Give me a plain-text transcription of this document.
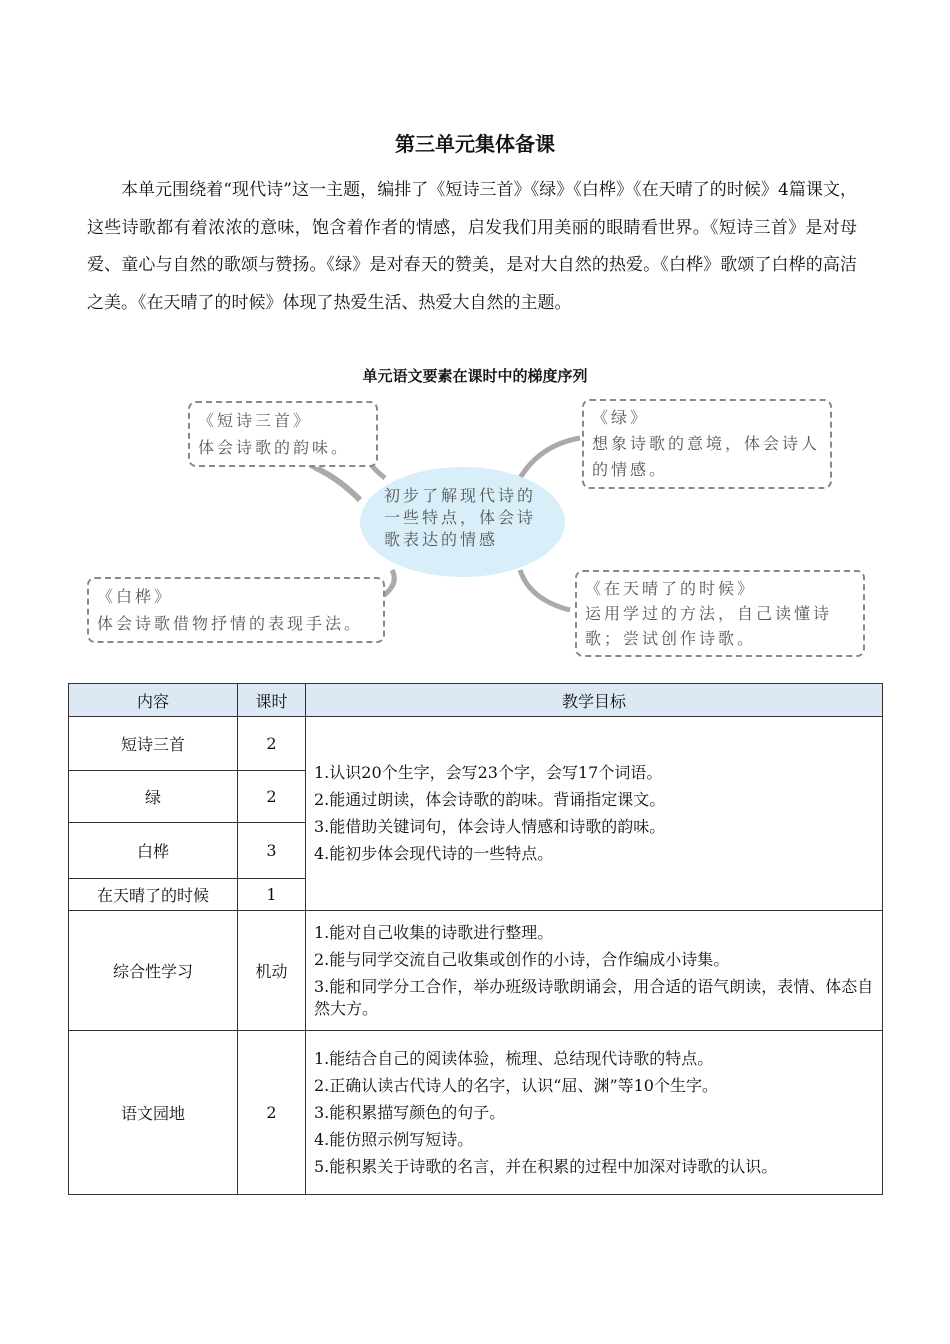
第三单元集体备课

本单元围绕着“现代诗”这一主题，编排了《短诗三首》《绿》《白桦》《在天晴了的时候》4篇课文，这些诗歌都有着浓浓的意味，饱含着作者的情感，启发我们用美丽的眼睛看世界。《短诗三首》是对母爱、童心与自然的歌颂与赞扬。《绿》是对春天的赞美，是对大自然的热爱。《白桦》歌颂了白桦的高洁之美。《在天晴了的时候》体现了热爱生活、热爱大自然的主题。

单元语文要素在课时中的梯度序列
初步了解现代诗的一些特点，体会诗歌表达的情感
《短诗三首》
体会诗歌的韵味。
《绿》
想象诗歌的意境，体会诗人的情感。
《白桦》
体会诗歌借物抒情的表现手法。
《在天晴了的时候》
运用学过的方法，自己读懂诗歌；尝试创作诗歌。
内容	课时	教学目标
短诗三首	2	1.认识20个生字，会写23个字，会写17个词语。
2.能通过朗读，体会诗歌的韵味。背诵指定课文。
3.能借助关键词句，体会诗人情感和诗歌的韵味。
4.能初步体会现代诗的一些特点。

绿	2	
白桦	3	
在天晴了的时候	1	
综合性学习	机动	1.能对自己收集的诗歌进行整理。
2.能与同学交流自己收集或创作的小诗，合作编成小诗集。
3.能和同学分工合作，举办班级诗歌朗诵会，用合适的语气朗读，表情、体态自然大方。

语文园地	2	1.能结合自己的阅读体验，梳理、总结现代诗歌的特点。
2.正确认读古代诗人的名字，认识“屈、渊”等10个生字。
3.能积累描写颜色的句子。
4.能仿照示例写短诗。
5.能积累关于诗歌的名言，并在积累的过程中加深对诗歌的认识。
